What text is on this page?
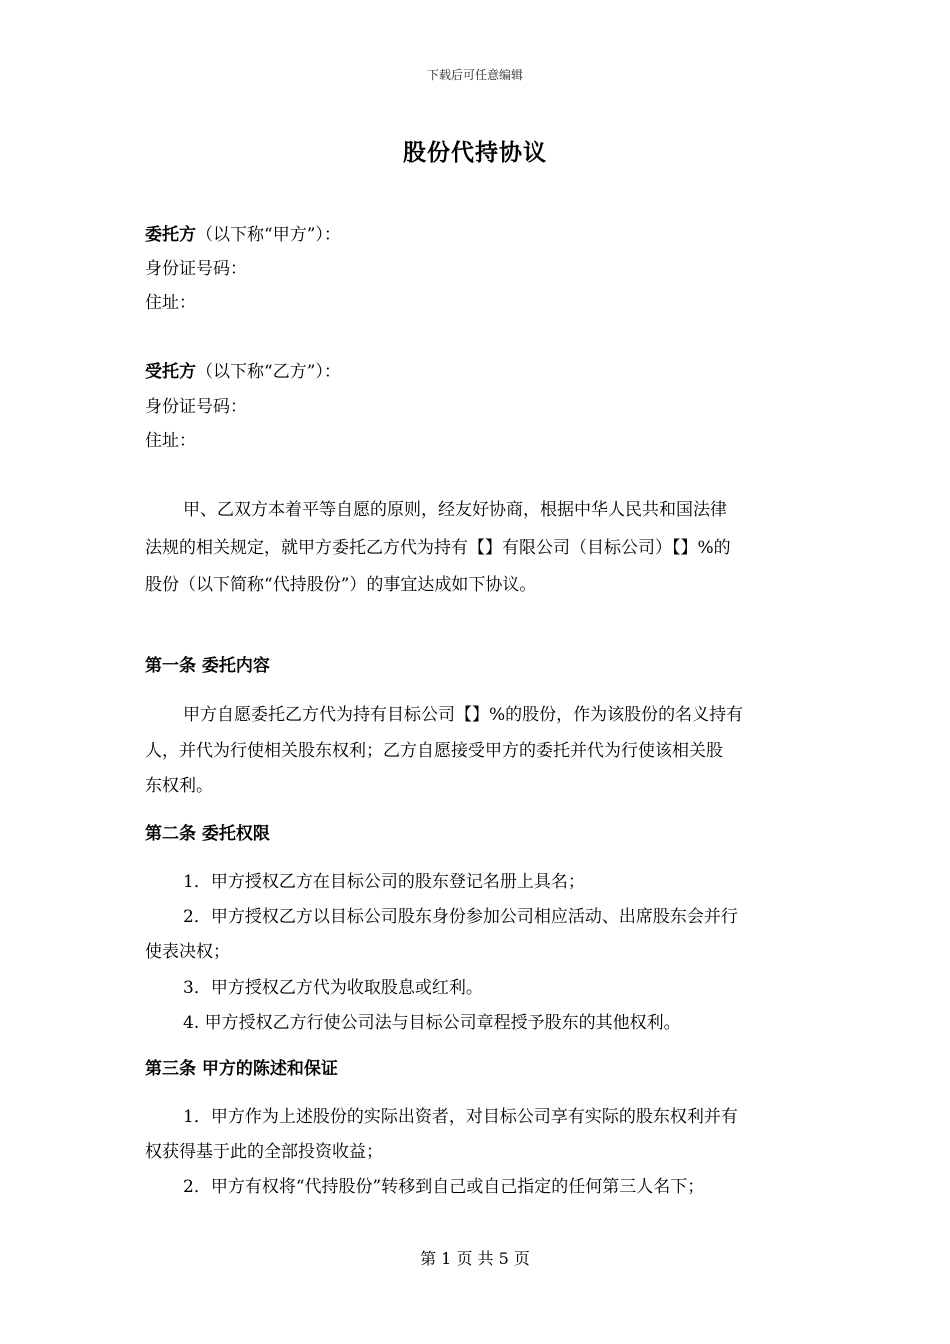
下载后可任意编辑

股份代持协议

委托方（以下称“甲方”）：

身份证号码：

住址：

受托方（以下称“乙方”）：

身份证号码：

住址：

甲、乙双方本着平等自愿的原则，经友好协商，根据中华人民共和国法律

法规的相关规定，就甲方委托乙方代为持有【】有限公司（目标公司）【】%的

股份（以下简称“代持股份”）的事宜达成如下协议。

第一条 委托内容

甲方自愿委托乙方代为持有目标公司【】%的股份，作为该股份的名义持有

人，并代为行使相关股东权利；乙方自愿接受甲方的委托并代为行使该相关股

东权利。

第二条 委托权限

1．甲方授权乙方在目标公司的股东登记名册上具名；

2．甲方授权乙方以目标公司股东身份参加公司相应活动、出席股东会并行

使表决权；

3．甲方授权乙方代为收取股息或红利。

4. 甲方授权乙方行使公司法与目标公司章程授予股东的其他权利。

第三条 甲方的陈述和保证

1．甲方作为上述股份的实际出资者，对目标公司享有实际的股东权利并有

权获得基于此的全部投资收益；

2．甲方有权将“代持股份”转移到自己或自己指定的任何第三人名下；

第 1 页 共 5 页
